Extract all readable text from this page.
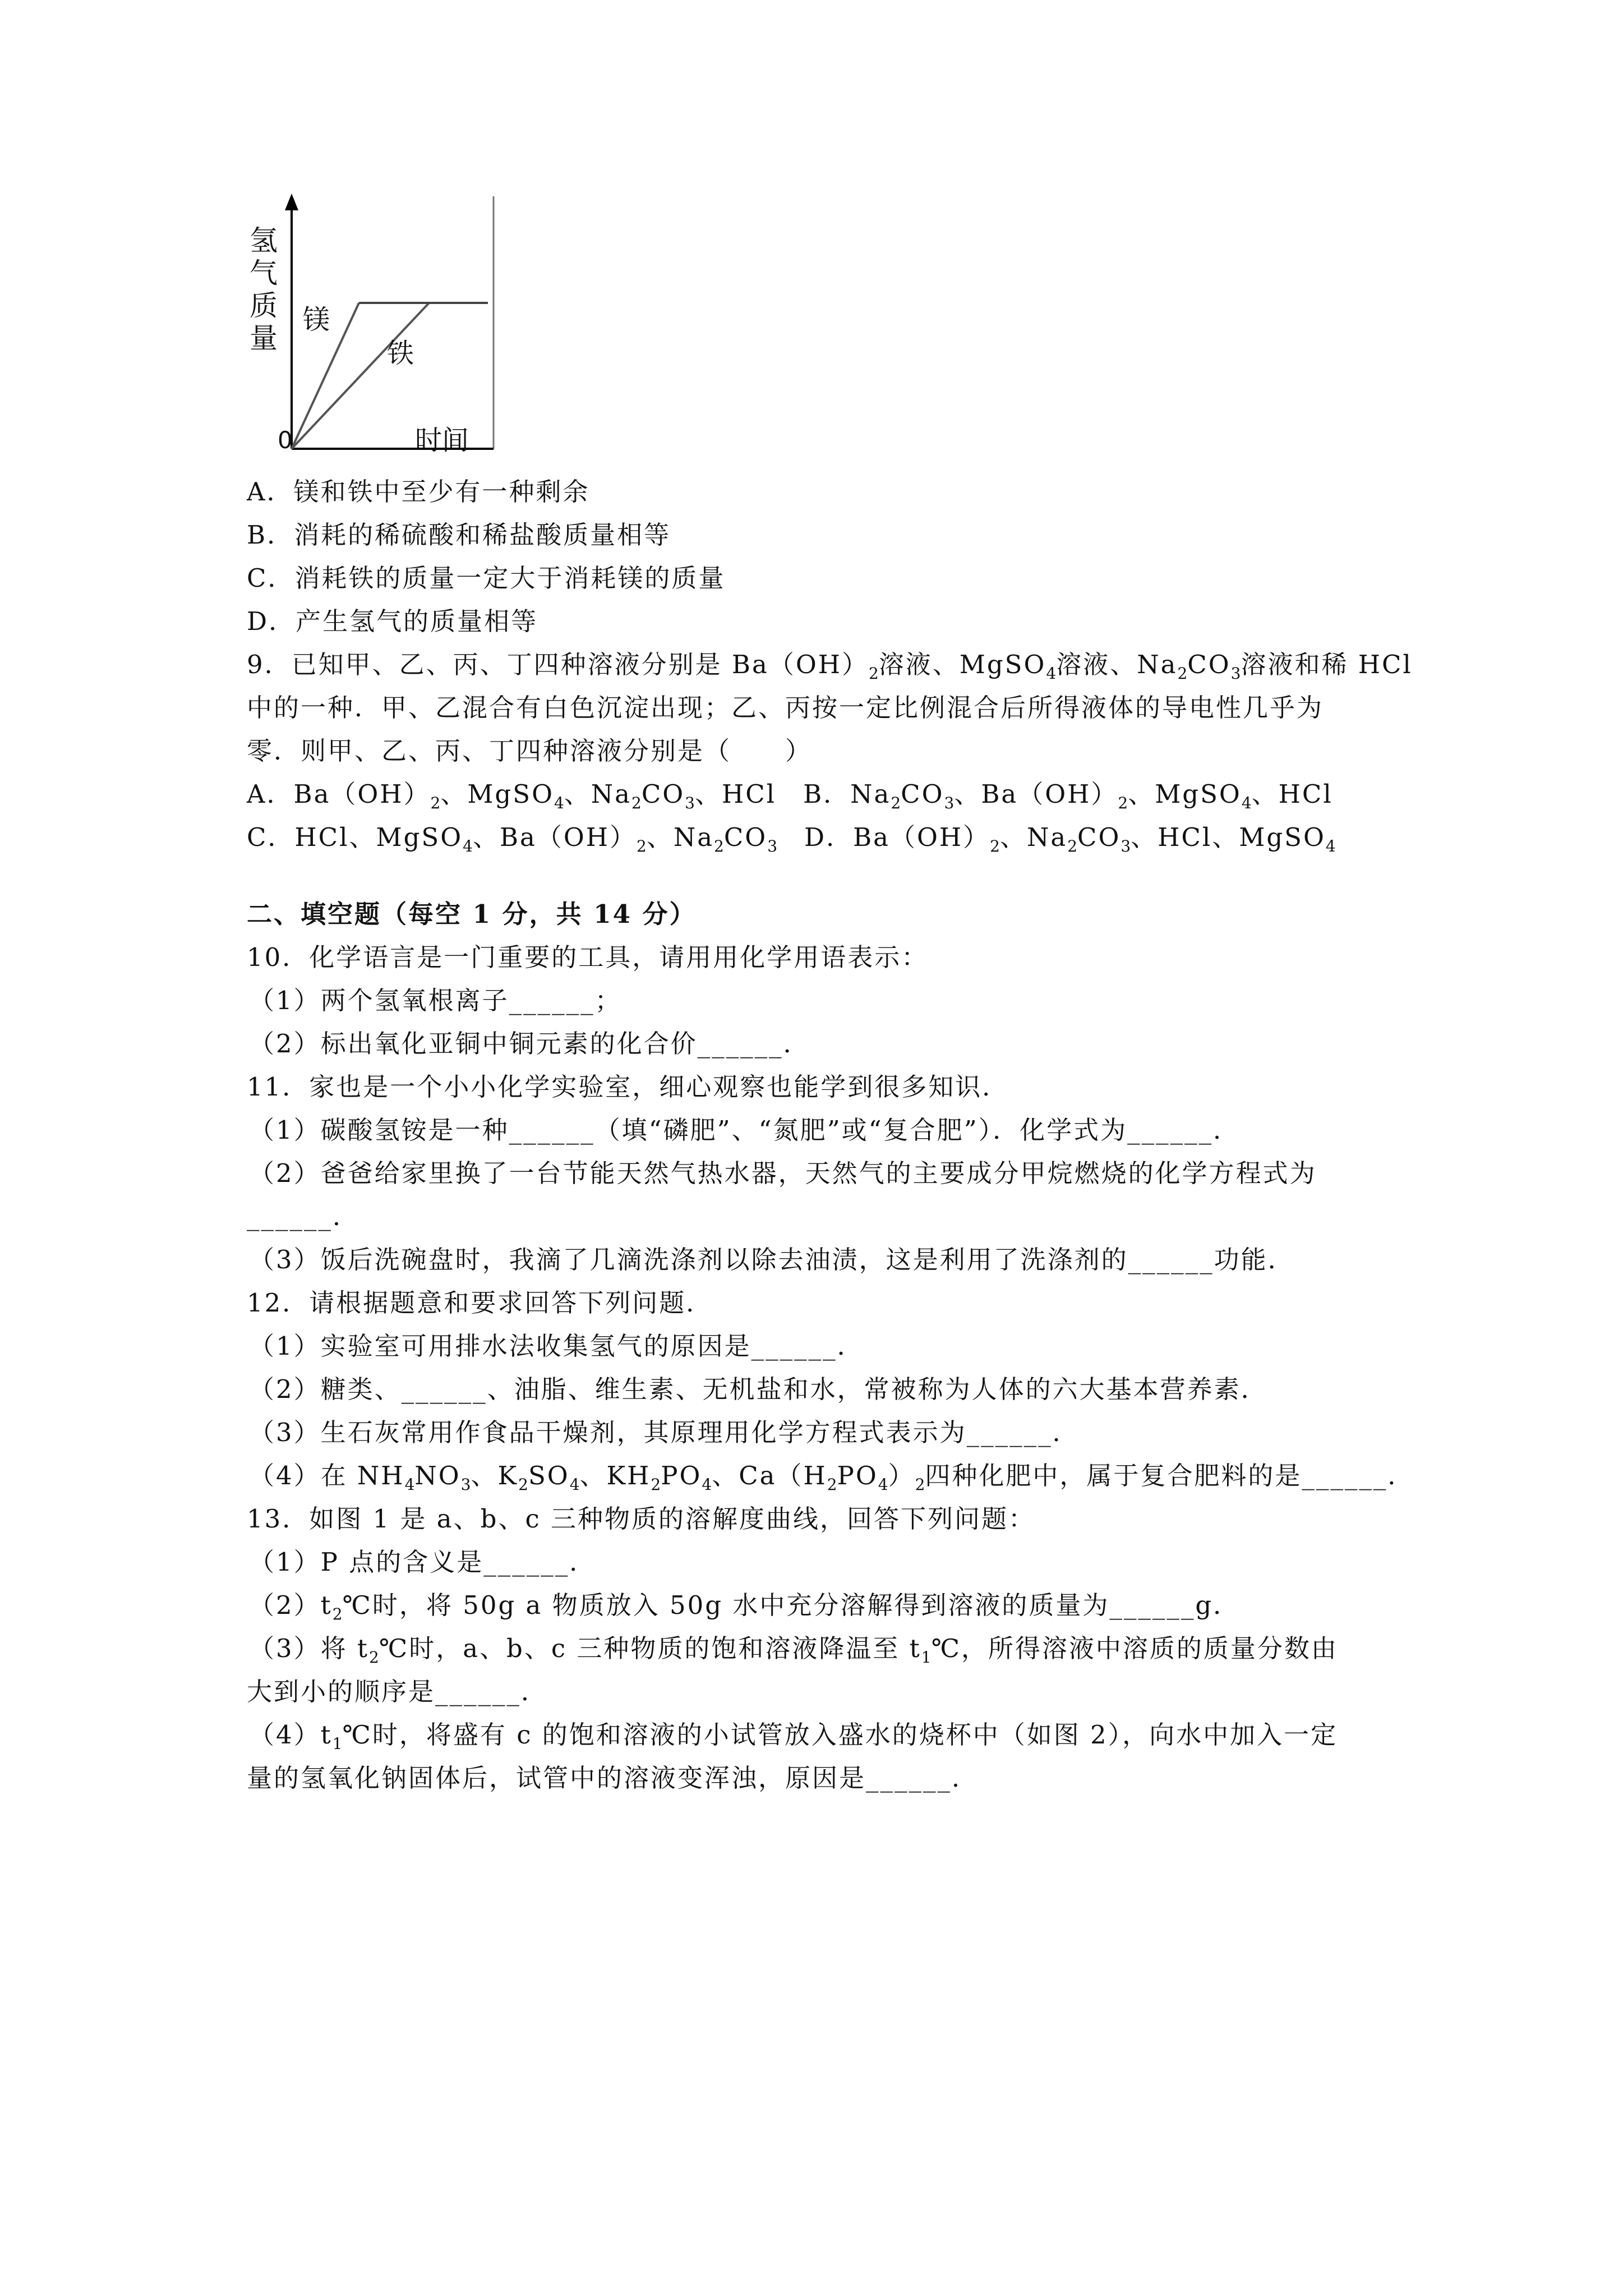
氢
气
质
量
镁
铁
0	时间
A．镁和铁中至少有一种剩余
B．消耗的稀硫酸和稀盐酸质量相等
C．消耗铁的质量一定大于消耗镁的质量
D．产生氢气的质量相等
9．已知甲、乙、丙、丁四种溶液分别是 $Ba(OH)_2$溶液、MgSO$_4$溶液、$Na_2CO_3$溶液和稀 HCl
中的一种．甲、乙混合有白色沉淀出现；乙、丙按一定比例混合后所得液体的导电性几乎为
零．则甲、乙、丙、丁四种溶液分别是（　　）
A．$Ba(OH)_2$、MgSO$_4$、$Na_2CO_3$、HCl　B．$Na_2CO_3$、$Ba(OH)_2$、MgSO$_4$、HCl
C．HCl、MgSO$_4$、$Ba(OH)_2$、$Na_2CO_3$　D．$Ba(OH)_2$、$Na_2CO_3$、HCl、MgSO$_4$
二、填空题（每空 1 分，共 14 分）
10．化学语言是一门重要的工具，请用用化学用语表示：
（1）两个氢氧根离子______；
（2）标出氧化亚铜中铜元素的化合价______．
11．家也是一个小小化学实验室，细心观察也能学到很多知识．
（1）碳酸氢铵是一种______（填“磷肥”、“氮肥”或“复合肥”）．化学式为______．
（2）爸爸给家里换了一台节能天然气热水器，天然气的主要成分甲烷燃烧的化学方程式为
______．
（3）饭后洗碗盘时，我滴了几滴洗涤剂以除去油渍，这是利用了洗涤剂的______功能．
12．请根据题意和要求回答下列问题．
（1）实验室可用排水法收集氢气的原因是______．
（2）糖类、______、油脂、维生素、无机盐和水，常被称为人体的六大基本营养素．
（3）生石灰常用作食品干燥剂，其原理用化学方程式表示为______．
（4）在 $NH_4NO_3$、$K_2SO_4$、$KH_2PO_4$、$Ca(H_2PO_4)_2$四种化肥中，属于复合肥料的是______．
13．如图 1 是 a、b、c 三种物质的溶解度曲线，回答下列问题：
（1）P 点的含义是______．
$(2)t_2℃$时，将 50g a 物质放入 50g 水中充分溶解得到溶液的质量为______g．
（3）将 $t_2℃$时，a、b、c 三种物质的饱和溶液降温至 $t_1℃$，所得溶液中溶质的质量分数由
大到小的顺序是______．
$(4)t_1℃$时，将盛有 c 的饱和溶液的小试管放入盛水的烧杯中（如图 2），向水中加入一定
量的氢氧化钠固体后，试管中的溶液变浑浊，原因是______．
